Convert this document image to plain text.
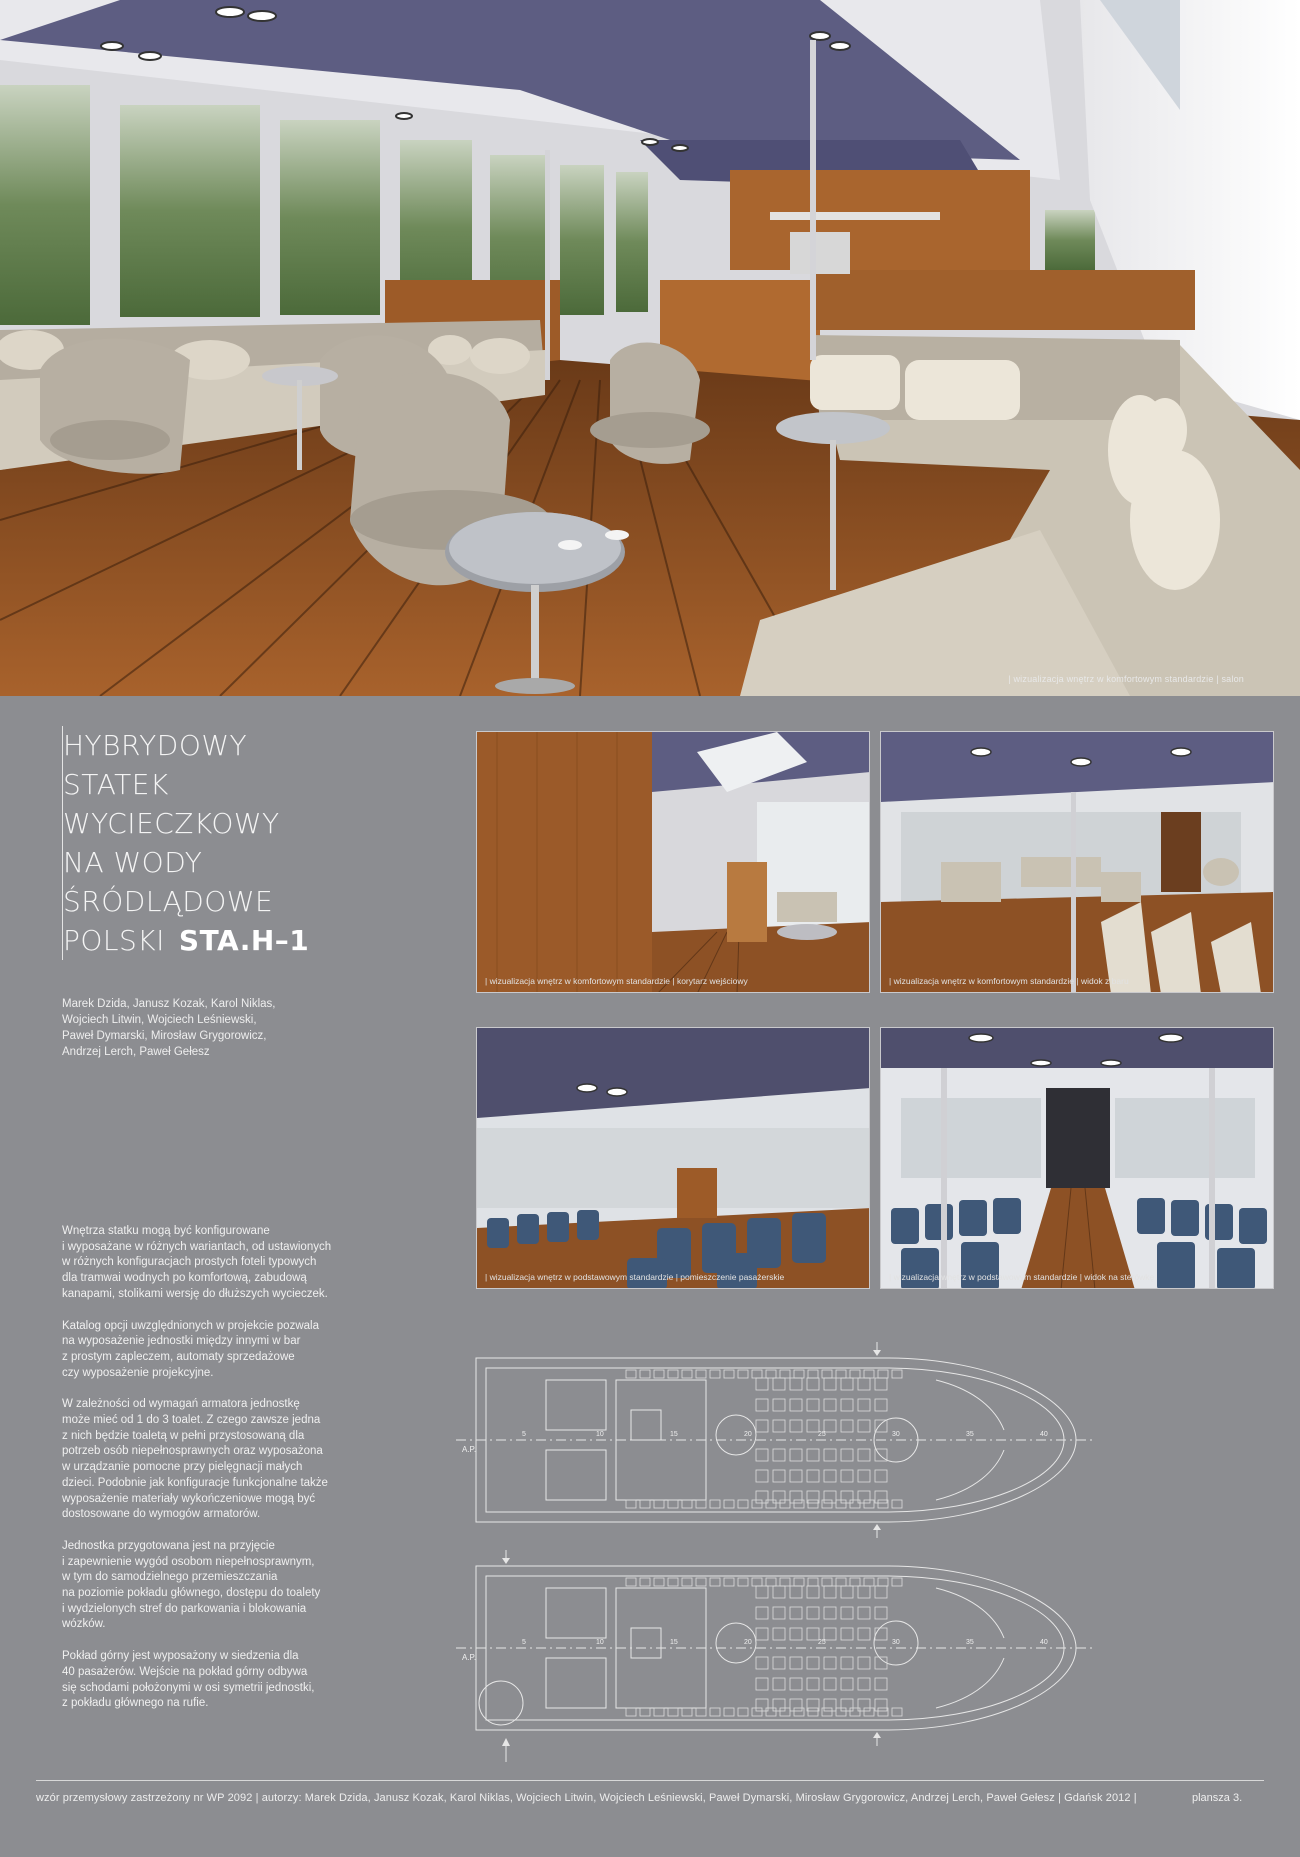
| wizualizacja wnętrz w komfortowym standardzie | salon
HYBRYDOWY
STATEK
WYCIECZKOWY
NA WODY
ŚRÓDLĄDOWE
POLSKI STA.H–1
Marek Dzida, Janusz Kozak, Karol Niklas,
Wojciech Litwin, Wojciech Leśniewski,
Paweł Dymarski, Mirosław Grygorowicz,
Andrzej Lerch, Paweł Gełesz

Wnętrza statku mogą być konfigurowane
i wyposażane w różnych wariantach, od ustawionych
w różnych konfiguracjach prostych foteli typowych
dla tramwai wodnych po komfortową, zabudową
kanapami, stolikami wersję do dłuższych wycieczek.

Katalog opcji uwzględnionych w projekcie pozwala
na wyposażenie jednostki między innymi w bar
z prostym zapleczem, automaty sprzedażowe
czy wyposażenie projekcyjne.

W zależności od wymagań armatora jednostkę
może mieć od 1 do 3 toalet. Z czego zawsze jedna
z nich będzie toaletą w pełni przystosowaną dla
potrzeb osób niepełnosprawnych oraz wyposażona
w urządzanie pomocne przy pielęgnacji małych
dzieci. Podobnie jak konfiguracje funkcjonalne także
wyposażenie materiały wykończeniowe mogą być
dostosowane do wymogów armatorów.

Jednostka przygotowana jest na przyjęcie
i zapewnienie wygód osobom niepełnosprawnym,
w tym do samodzielnego przemieszczania
na poziomie pokładu głównego, dostępu do toalety
i wydzielonych stref do parkowania i blokowania
wózków.

Pokład górny jest wyposażony w siedzenia dla
40 pasażerów. Wejście na pokład górny odbywa
się schodami położonymi w osi symetrii jednostki,
z pokładu głównego na rufie.

| wizualizacja wnętrz w komfortowym standardzie | korytarz wejściowy	| wizualizacja wnętrz w komfortowym standardzie | widok z baru
| wizualizacja wnętrz w podstawowym standardzie | pomieszczenie pasażerskie	| wizualizacja wnętrz w podstawowym standardzie | widok na sterówkę
A.P.
5	10	15	20	25	30	35	40
A.P.
5	10	15	20	25	30	35	40
wzór przemysłowy zastrzeżony nr WP 2092 | autorzy: Marek Dzida, Janusz Kozak, Karol Niklas, Wojciech Litwin, Wojciech Leśniewski, Paweł Dymarski, Mirosław Grygorowicz, Andrzej Lerch, Paweł Gełesz | Gdańsk 2012 |	plansza 3.
